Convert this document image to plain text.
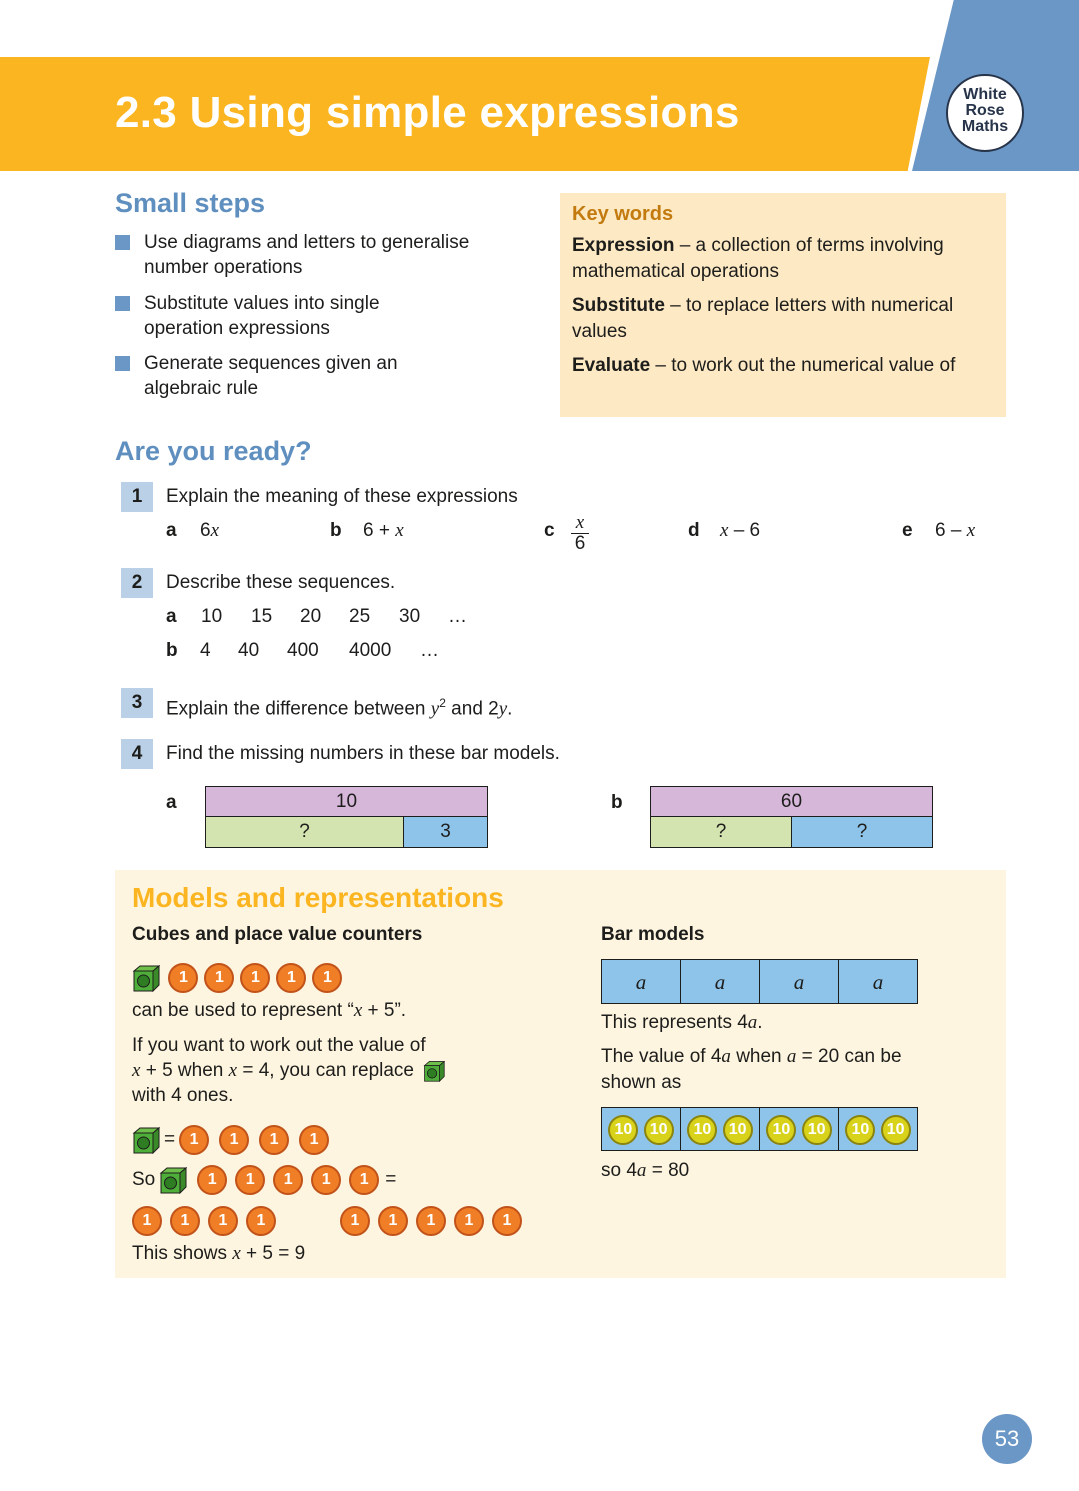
2.3 Using simple expressions	White
Rose
Maths
Small steps
Use diagrams and letters to generalise number operations
Substitute values into single operation expressions
Generate sequences given an algebraic rule
Key words
Expression – a collection of terms involving mathematical operations
Substitute – to replace letters with numerical values
Evaluate – to work out the numerical value of
Are you ready?
1	Explain the meaning of these expressions
a 6x	b 6 + x	c $\frac{x}{6}$	d x – 6	e 6 – x
2	Describe these sequences.
a 10 15 20 25 30 …
b 4 40 400 4000 …
3	Explain the difference between $y^2$ and 2y.
4	Find the missing numbers in these bar models.
a	10
?	3
b	60
?	?
Models and representations
Cubes and place value counters
1 1 1 1 1
can be used to represent “x + 5”.
If you want to work out the value of
x + 5 when x = 4, you can replace
with 4 ones.
= 1 1 1 1
So	1 1 1 1 1 =
1 1 1 1	1 1 1 1 1
This shows x + 5 = 9
Bar models
a	a	a	a
This represents 4a.
The value of 4a when a = 20 can be
shown as
10 10	10 10	10 10	10 10
so 4a = 80
53
